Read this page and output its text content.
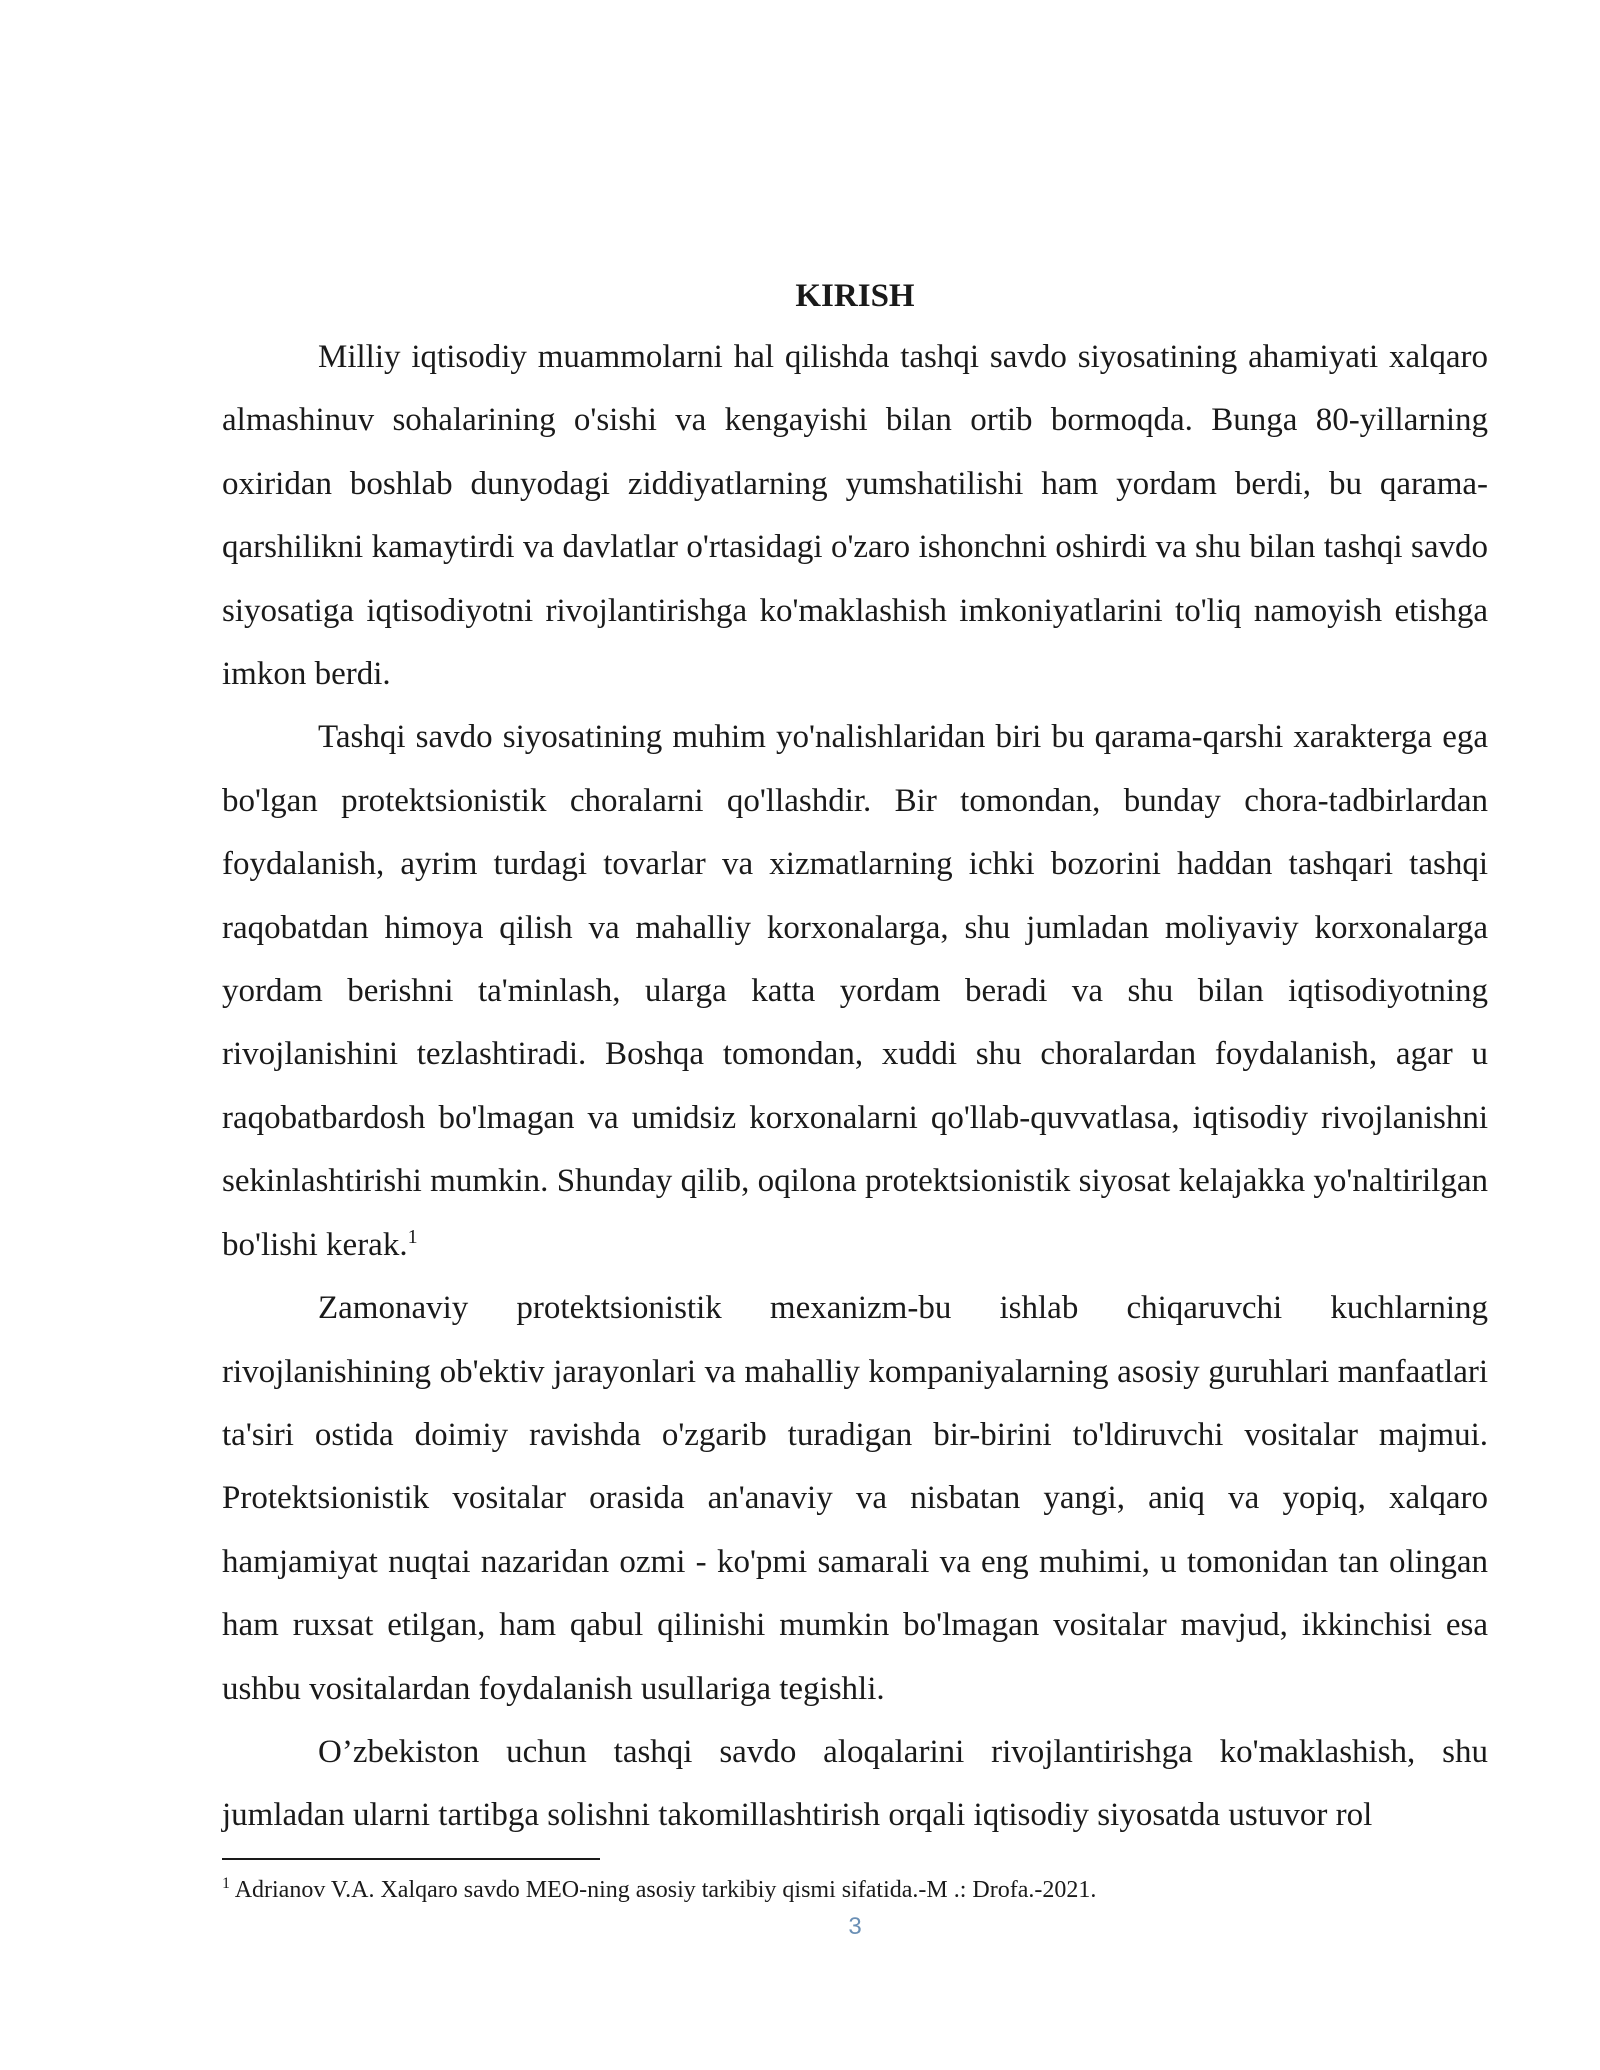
KIRISH

Milliy iqtisodiy muammolarni hal qilishda tashqi savdo siyosatining ahamiyati xalqaro almashinuv sohalarining o'sishi va kengayishi bilan ortib bormoqda. Bunga 80-yillarning oxiridan boshlab dunyodagi ziddiyatlarning yumshatilishi ham yordam berdi, bu qarama-qarshilikni kamaytirdi va davlatlar o'rtasidagi o'zaro ishonchni oshirdi va shu bilan tashqi savdo siyosatiga iqtisodiyotni rivojlantirishga ko'maklashish imkoniyatlarini to'liq namoyish etishga imkon berdi.

Tashqi savdo siyosatining muhim yo'nalishlaridan biri bu qarama-qarshi xarakterga ega bo'lgan protektsionistik choralarni qo'llashdir. Bir tomondan, bunday chora-tadbirlardan foydalanish, ayrim turdagi tovarlar va xizmatlarning ichki bozorini haddan tashqari tashqi raqobatdan himoya qilish va mahalliy korxonalarga, shu jumladan moliyaviy korxonalarga yordam berishni ta'minlash, ularga katta yordam beradi va shu bilan iqtisodiyotning rivojlanishini tezlashtiradi. Boshqa tomondan, xuddi shu choralardan foydalanish, agar u raqobatbardosh bo'lmagan va umidsiz korxonalarni qo'llab-quvvatlasa, iqtisodiy rivojlanishni sekinlashtirishi mumkin. Shunday qilib, oqilona protektsionistik siyosat kelajakka yo'naltirilgan bo'lishi kerak.$^1$

Zamonaviy protektsionistik mexanizm-bu ishlab chiqaruvchi kuchlarning rivojlanishining ob'ektiv jarayonlari va mahalliy kompaniyalarning asosiy guruhlari manfaatlari ta'siri ostida doimiy ravishda o'zgarib turadigan bir-birini to'ldiruvchi vositalar majmui. Protektsionistik vositalar orasida an'anaviy va nisbatan yangi, aniq va yopiq, xalqaro hamjamiyat nuqtai nazaridan ozmi - ko'pmi samarali va eng muhimi, u tomonidan tan olingan ham ruxsat etilgan, ham qabul qilinishi mumkin bo'lmagan vositalar mavjud, ikkinchisi esa ushbu vositalardan foydalanish usullariga tegishli.

O’zbekiston uchun tashqi savdo aloqalarini rivojlantirishga ko'maklashish, shu jumladan ularni tartibga solishni takomillashtirish orqali iqtisodiy siyosatda ustuvor rol

$^1$ Adrianov V.A. Xalqaro savdo MEO-ning asosiy tarkibiy qismi sifatida.-M .: Drofa.-2021.

3
